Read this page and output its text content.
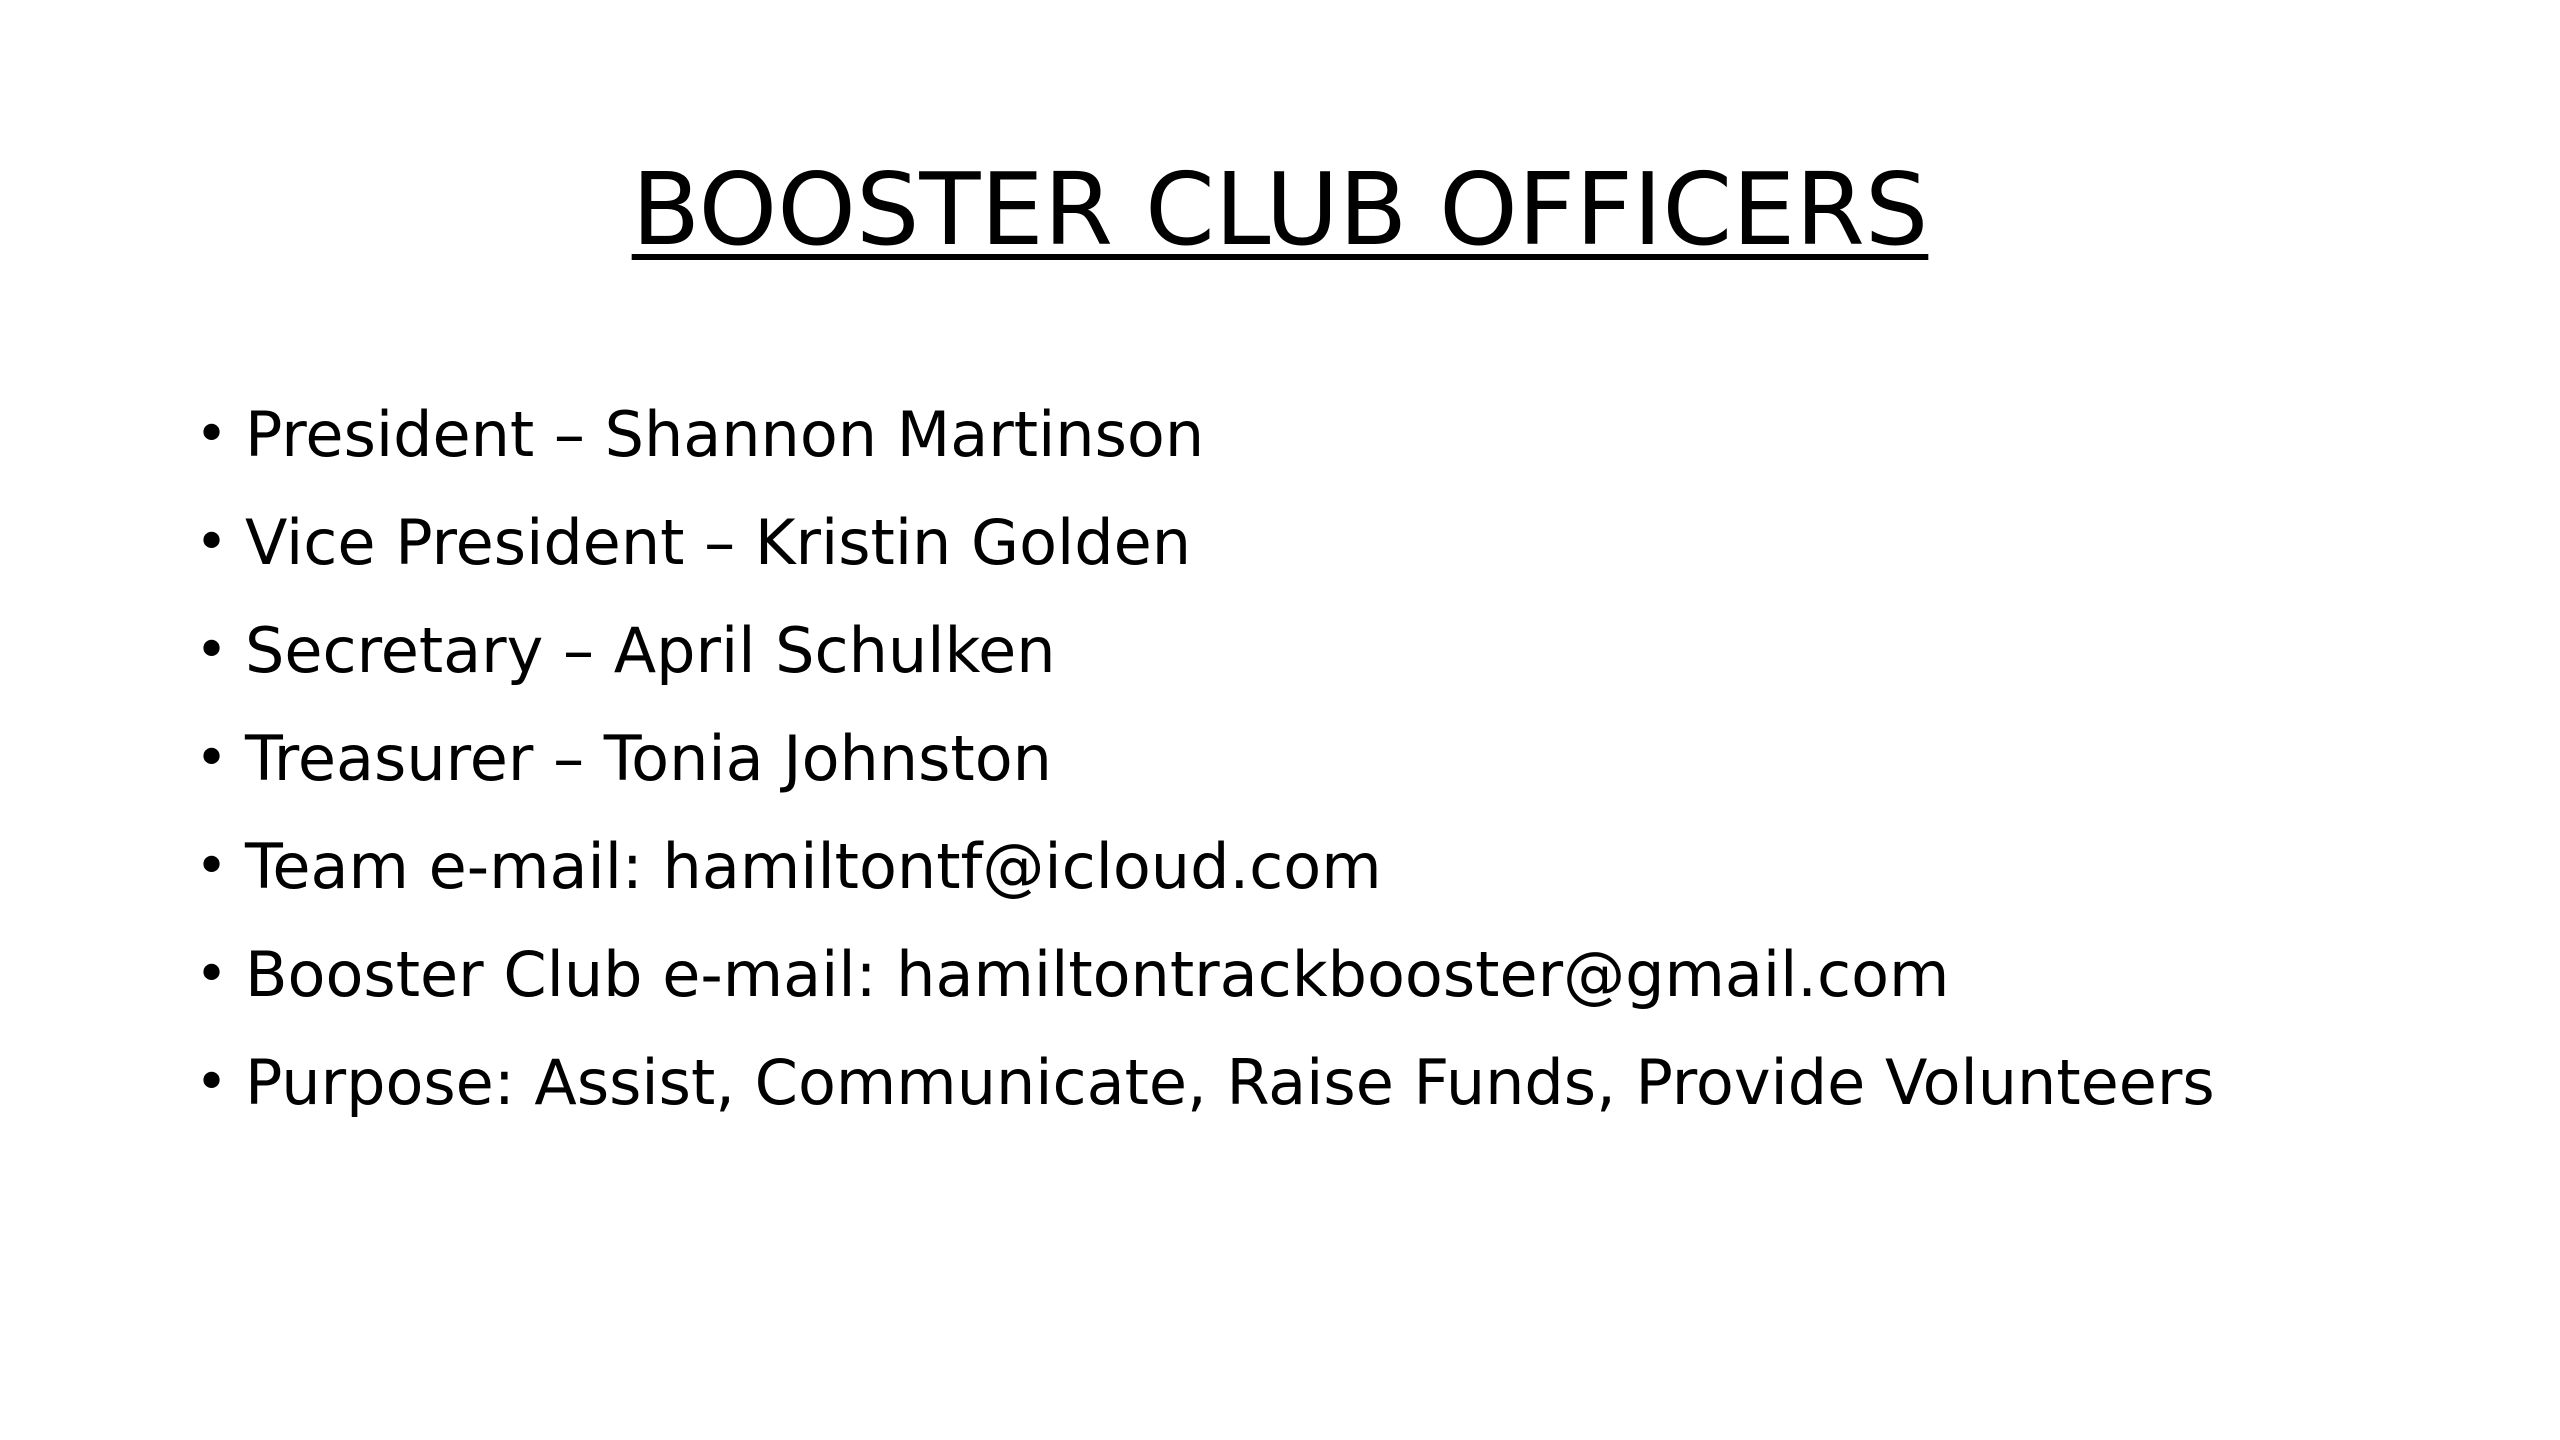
BOOSTER CLUB OFFICERS
• President – Shannon Martinson
• Vice President – Kristin Golden
• Secretary – April Schulken
• Treasurer – Tonia Johnston
• Team e-mail: hamiltontf@icloud.com
• Booster Club e-mail: hamiltontrackbooster@gmail.com
• Purpose: Assist, Communicate, Raise Funds, Provide Volunteers
